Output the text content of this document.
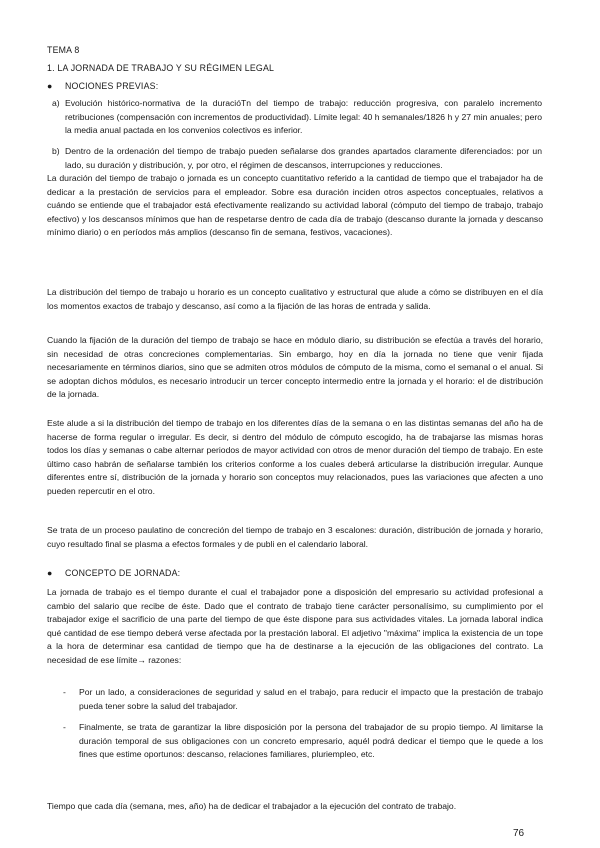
TEMA 8
1. LA JORNADA DE TRABAJO Y SU RÉGIMEN LEGAL
● NOCIONES PREVIAS:
a) Evolución histórico-normativa de la duracióTn del tiempo de trabajo: reducción progresiva, con paralelo incremento retribuciones (compensación con incrementos de productividad). Límite legal: 40 h semanales/1826 h y 27 min anuales; pero la media anual pactada en los convenios colectivos es inferior.
b) Dentro de la ordenación del tiempo de trabajo pueden señalarse dos grandes apartados claramente diferenciados: por un lado, su duración y distribución, y, por otro, el régimen de descansos, interrupciones y reducciones.
La duración del tiempo de trabajo o jornada es un concepto cuantitativo referido a la cantidad de tiempo que el trabajador ha de dedicar a la prestación de servicios para el empleador. Sobre esa duración inciden otros aspectos conceptuales, relativos a cuándo se entiende que el trabajador está efectivamente realizando su actividad laboral (cómputo del tiempo de trabajo, trabajo efectivo) y los descansos mínimos que han de respetarse dentro de cada día de trabajo (descanso durante la jornada y descanso mínimo diario) o en períodos más amplios (descanso fin de semana, festivos, vacaciones).
La distribución del tiempo de trabajo u horario es un concepto cualitativo y estructural que alude a cómo se distribuyen en el día los momentos exactos de trabajo y descanso, así como a la fijación de las horas de entrada y salida.
Cuando la fijación de la duración del tiempo de trabajo se hace en módulo diario, su distribución se efectúa a través del horario, sin necesidad de otras concreciones complementarias. Sin embargo, hoy en día la jornada no tiene que venir fijada necesariamente en términos diarios, sino que se admiten otros módulos de cómputo de la misma, como el semanal o el anual. Si se adoptan dichos módulos, es necesario introducir un tercer concepto intermedio entre la jornada y el horario: el de distribución de la jornada.
Este alude a si la distribución del tiempo de trabajo en los diferentes días de la semana o en las distintas semanas del año ha de hacerse de forma regular o irregular. Es decir, si dentro del módulo de cómputo escogido, ha de trabajarse las mismas horas todos los días y semanas o cabe alternar periodos de mayor actividad con otros de menor duración del tiempo de trabajo. En este último caso habrán de señalarse también los criterios conforme a los cuales deberá articularse la distribución irregular. Aunque diferentes entre sí, distribución de la jornada y horario son conceptos muy relacionados, pues las variaciones que afecten a uno pueden repercutir en el otro.
Se trata de un proceso paulatino de concreción del tiempo de trabajo en 3 escalones: duración, distribución de jornada y horario, cuyo resultado final se plasma a efectos formales y de publi en el calendario laboral.
● CONCEPTO DE JORNADA:
La jornada de trabajo es el tiempo durante el cual el trabajador pone a disposición del empresario su actividad profesional a cambio del salario que recibe de éste. Dado que el contrato de trabajo tiene carácter personalísimo, su cumplimiento por el trabajador exige el sacrificio de una parte del tiempo de que éste dispone para sus actividades vitales. La jornada laboral indica qué cantidad de ese tiempo deberá verse afectada por la prestación laboral. El adjetivo "máxima" implica la existencia de un tope a la hora de determinar esa cantidad de tiempo que ha de destinarse a la ejecución de las obligaciones del contrato. La necesidad de ese límite→ razones:
- Por un lado, a consideraciones de seguridad y salud en el trabajo, para reducir el impacto que la prestación de trabajo pueda tener sobre la salud del trabajador.
- Finalmente, se trata de garantizar la libre disposición por la persona del trabajador de su propio tiempo. Al limitarse la duración temporal de sus obligaciones con un concreto empresario, aquél podrá dedicar el tiempo que le quede a los fines que estime oportunos: descanso, relaciones familiares, pluriempleo, etc.
Tiempo que cada día (semana, mes, año) ha de dedicar el trabajador a la ejecución del contrato de trabajo.
76
